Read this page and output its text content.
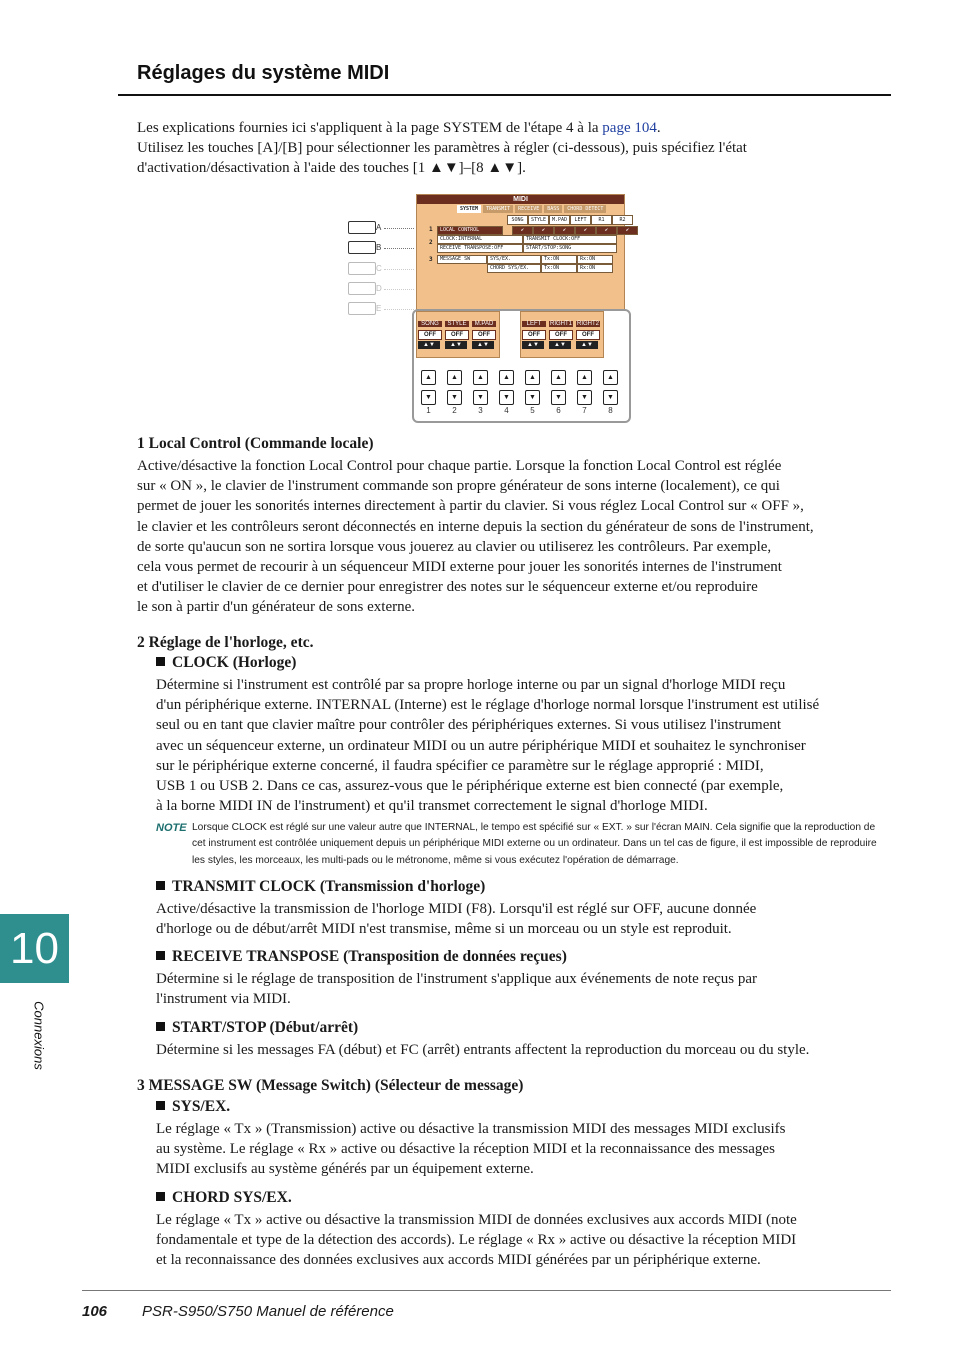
Réglages du système MIDI

Les explications fournies ici s'appliquent à la page SYSTEM de l'étape 4 à la page 104.

Utilisez les touches [A]/[B] pour sélectionner les paramètres à régler (ci-dessous), puis spécifiez l'état

d'activation/désactivation à l'aide des touches [1 ▲▼]–[8 ▲▼].

A
B
C
D
E
MIDI
SYSTEM	TRANSMIT	RECEIVE	BASS	CHORD DETECT
SONG	STYLE	M.PAD	LEFT	R1	R2
1	LOCAL CONTROL	✔	✔	✔	✔	✔	✔
2
CLOCK:INTERNAL	TRANSMIT CLOCK:OFF
RECEIVE TRANSPOSE:OFF	START/STOP:SONG
3	MESSAGE SW	SYS/EX.	Tx:ON	Rx:ON
CHORD SYS/EX.	Tx:ON	Rx:ON
SONG	STYLE	M.PAD	LEFT	RIGHT1 RIGHT2
OFF	OFF	OFF	OFF	OFF	OFF
▲▼	▲▼	▲▼	▲▼	▲▼	▲▼
▲	▲	▲	▲	▲	▲	▲	▲
▼	▼	▼	▼	▼	▼	▼	▼
1	2	3	4	5	6	7	8
1 Local Control (Commande locale)
Active/désactive la fonction Local Control pour chaque partie. Lorsque la fonction Local Control est réglée
sur « ON », le clavier de l'instrument commande son propre générateur de sons interne (localement), ce qui
permet de jouer les sonorités internes directement à partir du clavier. Si vous réglez Local Control sur « OFF »,
le clavier et les contrôleurs seront déconnectés en interne depuis la section du générateur de sons de l'instrument,
de sorte qu'aucun son ne sortira lorsque vous jouerez au clavier ou utiliserez les contrôleurs. Par exemple,
cela vous permet de recourir à un séquenceur MIDI externe pour jouer les sonorités internes de l'instrument
et d'utiliser le clavier de ce dernier pour enregistrer des notes sur le séquenceur externe et/ou reproduire
le son à partir d'un générateur de sons externe.
2 Réglage de l'horloge, etc.
CLOCK (Horloge)
Détermine si l'instrument est contrôlé par sa propre horloge interne ou par un signal d'horloge MIDI reçu
d'un périphérique externe. INTERNAL (Interne) est le réglage d'horloge normal lorsque l'instrument est utilisé
seul ou en tant que clavier maître pour contrôler des périphériques externes. Si vous utilisez l'instrument
avec un séquenceur externe, un ordinateur MIDI ou un autre périphérique MIDI et souhaitez le synchroniser
sur le périphérique externe concerné, il faudra spécifier ce paramètre sur le réglage approprié : MIDI,
USB 1 ou USB 2. Dans ce cas, assurez-vous que le périphérique externe est bien connecté (par exemple,
à la borne MIDI IN de l'instrument) et qu'il transmet correctement le signal d'horloge MIDI.
NOTE Lorsque CLOCK est réglé sur une valeur autre que INTERNAL, le tempo est spécifié sur « EXT. » sur l'écran MAIN. Cela signifie que la reproduction de
cet instrument est contrôlée uniquement depuis un périphérique MIDI externe ou un ordinateur. Dans un tel cas de figure, il est impossible de reproduire
les styles, les morceaux, les multi-pads ou le métronome, même si vous exécutez l'opération de démarrage.
TRANSMIT CLOCK (Transmission d'horloge)
Active/désactive la transmission de l'horloge MIDI (F8). Lorsqu'il est réglé sur OFF, aucune donnée
d'horloge ou de début/arrêt MIDI n'est transmise, même si un morceau ou un style est reproduit.
RECEIVE TRANSPOSE (Transposition de données reçues)
Détermine si le réglage de transposition de l'instrument s'applique aux événements de note reçus par
l'instrument via MIDI.
START/STOP (Début/arrêt)
Détermine si les messages FA (début) et FC (arrêt) entrants affectent la reproduction du morceau ou du style.
3 MESSAGE SW (Message Switch) (Sélecteur de message)
SYS/EX.
Le réglage « Tx » (Transmission) active ou désactive la transmission MIDI des messages MIDI exclusifs
au système. Le réglage « Rx » active ou désactive la réception MIDI et la reconnaissance des messages
MIDI exclusifs au système générés par un équipement externe.
CHORD SYS/EX.
Le réglage « Tx » active ou désactive la transmission MIDI de données exclusives aux accords MIDI (note
fondamentale et type de la détection des accords). Le réglage « Rx » active ou désactive la réception MIDI
et la reconnaissance des données exclusives aux accords MIDI générées par un périphérique externe.
10
Connexions
106 PSR-S950/S750 Manuel de référence
